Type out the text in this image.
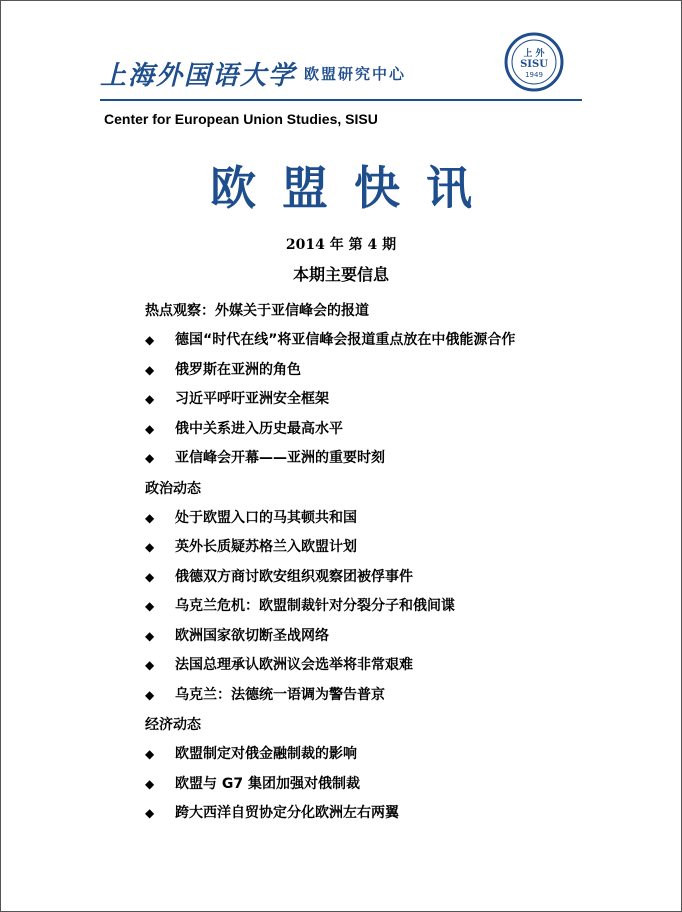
上海外国语大学 欧盟研究中心
上 外
SISU
1949
Center for European Union Studies, SISU
欧盟快讯
2014 年 第 4 期
本期主要信息
热点观察：外媒关于亚信峰会的报道
◆ 德国“时代在线”将亚信峰会报道重点放在中俄能源合作
◆ 俄罗斯在亚洲的角色
◆ 习近平呼吁亚洲安全框架
◆ 俄中关系进入历史最高水平
◆ 亚信峰会开幕——亚洲的重要时刻
政治动态
◆ 处于欧盟入口的马其顿共和国
◆ 英外长质疑苏格兰入欧盟计划
◆ 俄德双方商讨欧安组织观察团被俘事件
◆ 乌克兰危机：欧盟制裁针对分裂分子和俄间谍
◆ 欧洲国家欲切断圣战网络
◆ 法国总理承认欧洲议会选举将非常艰难
◆ 乌克兰：法德统一语调为警告普京
经济动态
◆ 欧盟制定对俄金融制裁的影响
◆ 欧盟与 G7 集团加强对俄制裁
◆ 跨大西洋自贸协定分化欧洲左右两翼
